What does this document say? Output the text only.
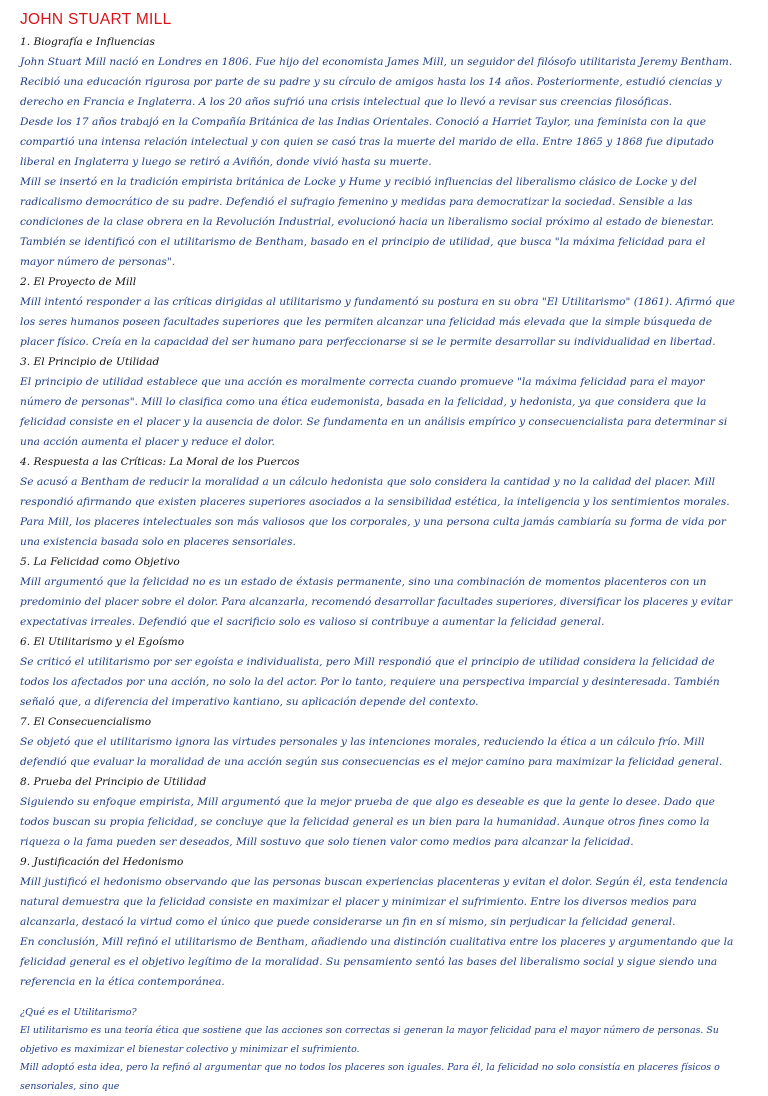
JOHN STUART MILL
1. Biografía e Influencias

John Stuart Mill nació en Londres en 1806. Fue hijo del economista James Mill, un seguidor del filósofo utilitarista Jeremy Bentham. Recibió una educación rigurosa por parte de su padre y su círculo de amigos hasta los 14 años. Posteriormente, estudió ciencias y derecho en Francia e Inglaterra. A los 20 años sufrió una crisis intelectual que lo llevó a revisar sus creencias filosóficas.

Desde los 17 años trabajó en la Compañía Británica de las Indias Orientales. Conoció a Harriet Taylor, una feminista con la que compartió una intensa relación intelectual y con quien se casó tras la muerte del marido de ella. Entre 1865 y 1868 fue diputado liberal en Inglaterra y luego se retiró a Aviñón, donde vivió hasta su muerte.

Mill se insertó en la tradición empirista británica de Locke y Hume y recibió influencias del liberalismo clásico de Locke y del radicalismo democrático de su padre. Defendió el sufragio femenino y medidas para democratizar la sociedad. Sensible a las condiciones de la clase obrera en la Revolución Industrial, evolucionó hacia un liberalismo social próximo al estado de bienestar. También se identificó con el utilitarismo de Bentham, basado en el principio de utilidad, que busca "la máxima felicidad para el mayor número de personas".

2. El Proyecto de Mill

Mill intentó responder a las críticas dirigidas al utilitarismo y fundamentó su postura en su obra "El Utilitarismo" (1861). Afirmó que los seres humanos poseen facultades superiores que les permiten alcanzar una felicidad más elevada que la simple búsqueda de placer físico. Creía en la capacidad del ser humano para perfeccionarse si se le permite desarrollar su individualidad en libertad.

3. El Principio de Utilidad

El principio de utilidad establece que una acción es moralmente correcta cuando promueve "la máxima felicidad para el mayor número de personas". Mill lo clasifica como una ética eudemonista, basada en la felicidad, y hedonista, ya que considera que la felicidad consiste en el placer y la ausencia de dolor. Se fundamenta en un análisis empírico y consecuencialista para determinar si una acción aumenta el placer y reduce el dolor.

4. Respuesta a las Críticas: La Moral de los Puercos

Se acusó a Bentham de reducir la moralidad a un cálculo hedonista que solo considera la cantidad y no la calidad del placer. Mill respondió afirmando que existen placeres superiores asociados a la sensibilidad estética, la inteligencia y los sentimientos morales. Para Mill, los placeres intelectuales son más valiosos que los corporales, y una persona culta jamás cambiaría su forma de vida por una existencia basada solo en placeres sensoriales.

5. La Felicidad como Objetivo

Mill argumentó que la felicidad no es un estado de éxtasis permanente, sino una combinación de momentos placenteros con un predominio del placer sobre el dolor. Para alcanzarla, recomendó desarrollar facultades superiores, diversificar los placeres y evitar expectativas irreales. Defendió que el sacrificio solo es valioso si contribuye a aumentar la felicidad general.

6. El Utilitarismo y el Egoísmo

Se criticó el utilitarismo por ser egoísta e individualista, pero Mill respondió que el principio de utilidad considera la felicidad de todos los afectados por una acción, no solo la del actor. Por lo tanto, requiere una perspectiva imparcial y desinteresada. También señaló que, a diferencia del imperativo kantiano, su aplicación depende del contexto.

7. El Consecuencialismo

Se objetó que el utilitarismo ignora las virtudes personales y las intenciones morales, reduciendo la ética a un cálculo frío. Mill defendió que evaluar la moralidad de una acción según sus consecuencias es el mejor camino para maximizar la felicidad general.

8. Prueba del Principio de Utilidad

Siguiendo su enfoque empirista, Mill argumentó que la mejor prueba de que algo es deseable es que la gente lo desee. Dado que todos buscan su propia felicidad, se concluye que la felicidad general es un bien para la humanidad. Aunque otros fines como la riqueza o la fama pueden ser deseados, Mill sostuvo que solo tienen valor como medios para alcanzar la felicidad.

9. Justificación del Hedonismo

Mill justificó el hedonismo observando que las personas buscan experiencias placenteras y evitan el dolor. Según él, esta tendencia natural demuestra que la felicidad consiste en maximizar el placer y minimizar el sufrimiento. Entre los diversos medios para alcanzarla, destacó la virtud como el único que puede considerarse un fin en sí mismo, sin perjudicar la felicidad general.

En conclusión, Mill refinó el utilitarismo de Bentham, añadiendo una distinción cualitativa entre los placeres y argumentando que la felicidad general es el objetivo legítimo de la moralidad. Su pensamiento sentó las bases del liberalismo social y sigue siendo una referencia en la ética contemporánea.

¿Qué es el Utilitarismo?

El utilitarismo es una teoría ética que sostiene que las acciones son correctas si generan la mayor felicidad para el mayor número de personas. Su objetivo es maximizar el bienestar colectivo y minimizar el sufrimiento.

Mill adoptó esta idea, pero la refinó al argumentar que no todos los placeres son iguales. Para él, la felicidad no solo consistía en placeres físicos o sensoriales, sino que
